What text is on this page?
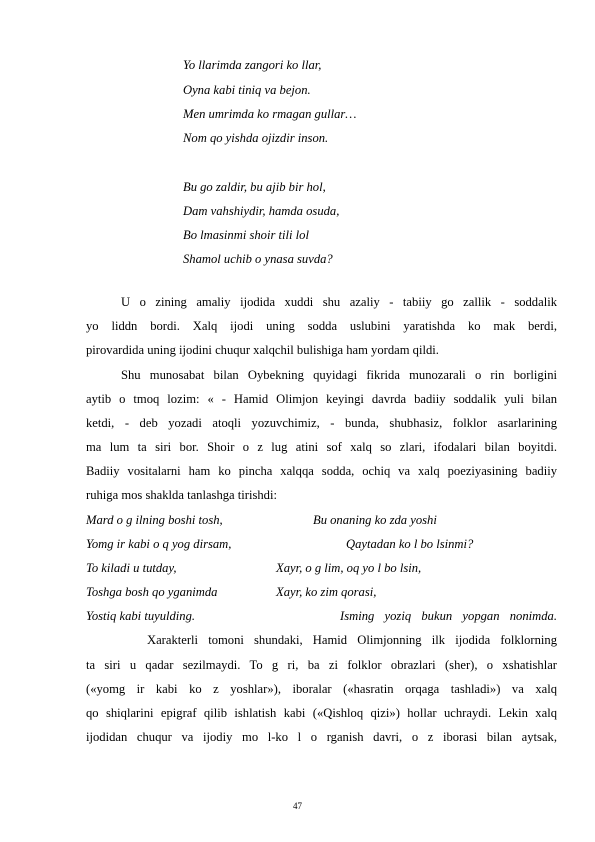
Yo llarimda zangori ko llar,
Oyna kabi tiniq va bejon.
Men umrimda ko rmagan gullar…
Nom qo yishda ojizdir inson.
Bu go zaldir, bu ajib bir hol,
Dam vahshiydir, hamda osuda,
Bo lmasinmi shoir tili lol
Shamol uchib o ynasa suvda?
U o zining amaliy ijodida xuddi shu azaliy - tabiiy go zallik - soddalik
yo liddn bordi. Xalq ijodi uning sodda uslubini yaratishda ko mak berdi,
pirovardida uning ijodini chuqur xalqchil bulishiga ham yordam qildi.
Shu munosabat bilan Oybekning quyidagi fikrida munozarali o rin borligini
aytib o tmoq lozim: « - Hamid Olimjon keyingi davrda badiiy soddalik yuli bilan
ketdi, - deb yozadi atoqli yozuvchimiz, - bunda, shubhasiz, folklor asarlarining
ma lum ta siri bor. Shoir o z lug atini sof xalq so zlari, ifodalari bilan boyitdi.
Badiiy vositalarni ham ko pincha xalqqa sodda, ochiq va xalq poeziyasining badiiy
ruhiga mos shaklda tanlashga tirishdi:
Mard o g ilning boshi tosh,
Yomg ir kabi o q yog dirsam,
To kiladi u tutday,
Toshga bosh qo yganimda
Yostiq kabi tuyulding.
Bu onaning ko zda yoshi
Qaytadan ko l bo lsinmi?
Xayr, o g lim, oq yo l bo lsin,
Xayr, ko zim qorasi,
Isming yoziq bukun yopgan nonimda.
Xarakterli tomoni shundaki, Hamid Olimjonning ilk ijodida folklorning
ta siri u qadar sezilmaydi. To g ri, ba zi folklor obrazlari (sher), o xshatishlar
(«yomg ir kabi ko z yoshlar»), iboralar («hasratin orqaga tashladi») va xalq
qo shiqlarini epigraf qilib ishlatish kabi («Qishloq qizi») hollar uchraydi. Lekin xalq
ijodidan chuqur va ijodiy mo l-ko l o rganish davri, o z iborasi bilan aytsak,
47
